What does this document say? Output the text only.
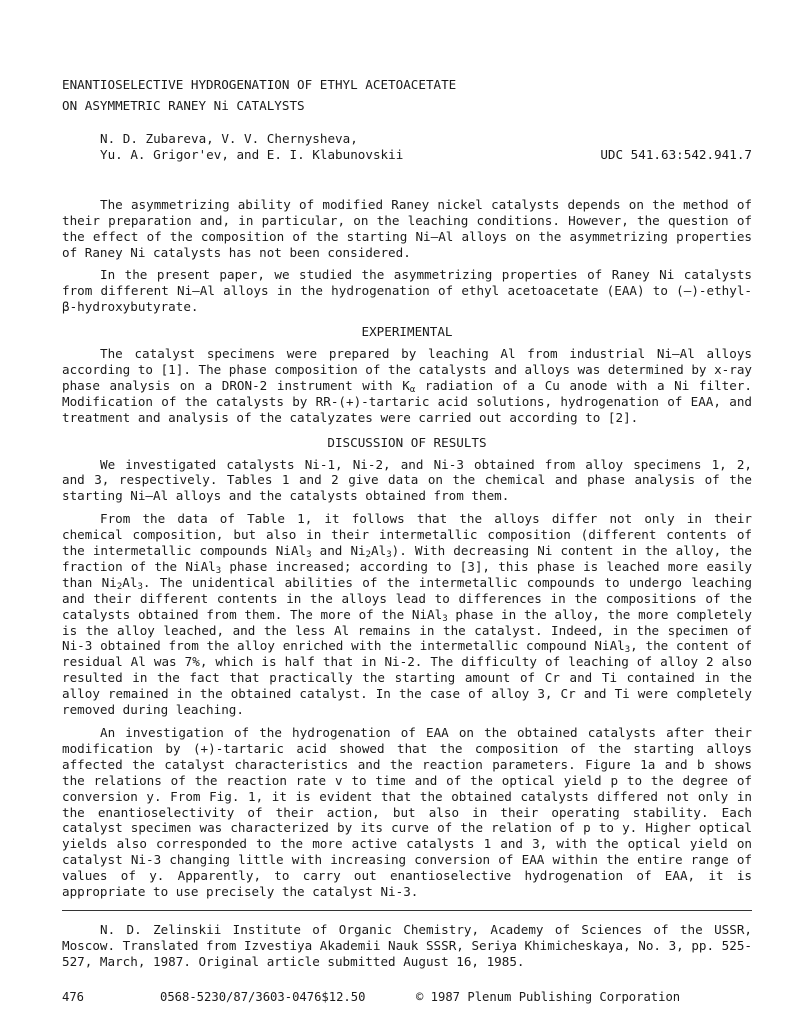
ENANTIOSELECTIVE HYDROGENATION OF ETHYL ACETOACETATE
ON ASYMMETRIC RANEY Ni CATALYSTS
N. D. Zubareva, V. V. Chernysheva,
Yu. A. Grigor'ev, and E. I. Klabunovskii	UDC 541.63:542.941.7

The asymmetrizing ability of modified Raney nickel catalysts depends on the method of their preparation and, in particular, on the leaching conditions. However, the question of the effect of the composition of the starting Ni–Al alloys on the asymmetrizing properties of Raney Ni catalysts has not been considered.

In the present paper, we studied the asymmetrizing properties of Raney Ni catalysts from different Ni–Al alloys in the hydrogenation of ethyl acetoacetate (EAA) to (–)-ethyl-β-hydroxybutyrate.

EXPERIMENTAL

The catalyst specimens were prepared by leaching Al from industrial Ni–Al alloys according to [1]. The phase composition of the catalysts and alloys was determined by x-ray phase analysis on a DRON-2 instrument with $K_\alpha$ radiation of a Cu anode with a Ni filter. Modification of the catalysts by RR-(+)-tartaric acid solutions, hydrogenation of EAA, and treatment and analysis of the catalyzates were carried out according to [2].

DISCUSSION OF RESULTS

We investigated catalysts Ni-1, Ni-2, and Ni-3 obtained from alloy specimens 1, 2, and 3, respectively. Tables 1 and 2 give data on the chemical and phase analysis of the starting Ni–Al alloys and the catalysts obtained from them.

From the data of Table 1, it follows that the alloys differ not only in their chemical composition, but also in their intermetallic composition (different contents of the intermetallic compounds NiAl$_3$ and $Ni_2Al_3$). With decreasing Ni content in the alloy, the fraction of the NiAl$_3$ phase increased; according to [3], this phase is leached more easily than $Ni_2Al_3$. The unidentical abilities of the intermetallic compounds to undergo leaching and their different contents in the alloys lead to differences in the compositions of the catalysts obtained from them. The more of the NiAl$_3$ phase in the alloy, the more completely is the alloy leached, and the less Al remains in the catalyst. Indeed, in the specimen of Ni-3 obtained from the alloy enriched with the intermetallic compound NiAl$_3$, the content of residual Al was 7%, which is half that in Ni-2. The difficulty of leaching of alloy 2 also resulted in the fact that practically the starting amount of Cr and Ti contained in the alloy remained in the obtained catalyst. In the case of alloy 3, Cr and Ti were completely removed during leaching.

An investigation of the hydrogenation of EAA on the obtained catalysts after their modification by (+)-tartaric acid showed that the composition of the starting alloys affected the catalyst characteristics and the reaction parameters. Figure 1a and b shows the relations of the reaction rate v to time and of the optical yield p to the degree of conversion y. From Fig. 1, it is evident that the obtained catalysts differed not only in the enantioselectivity of their action, but also in their operating stability. Each catalyst specimen was characterized by its curve of the relation of p to y. Higher optical yields also corresponded to the more active catalysts 1 and 3, with the optical yield on catalyst Ni-3 changing little with increasing conversion of EAA within the entire range of values of y. Apparently, to carry out enantioselective hydrogenation of EAA, it is appropriate to use precisely the catalyst Ni-3.

N. D. Zelinskii Institute of Organic Chemistry, Academy of Sciences of the USSR, Moscow. Translated from Izvestiya Akademii Nauk SSSR, Seriya Khimicheskaya, No. 3, pp. 525-527, March, 1987. Original article submitted August 16, 1985.

476	0568-5230/87/3603-0476$12.50	© 1987 Plenum Publishing Corporation
